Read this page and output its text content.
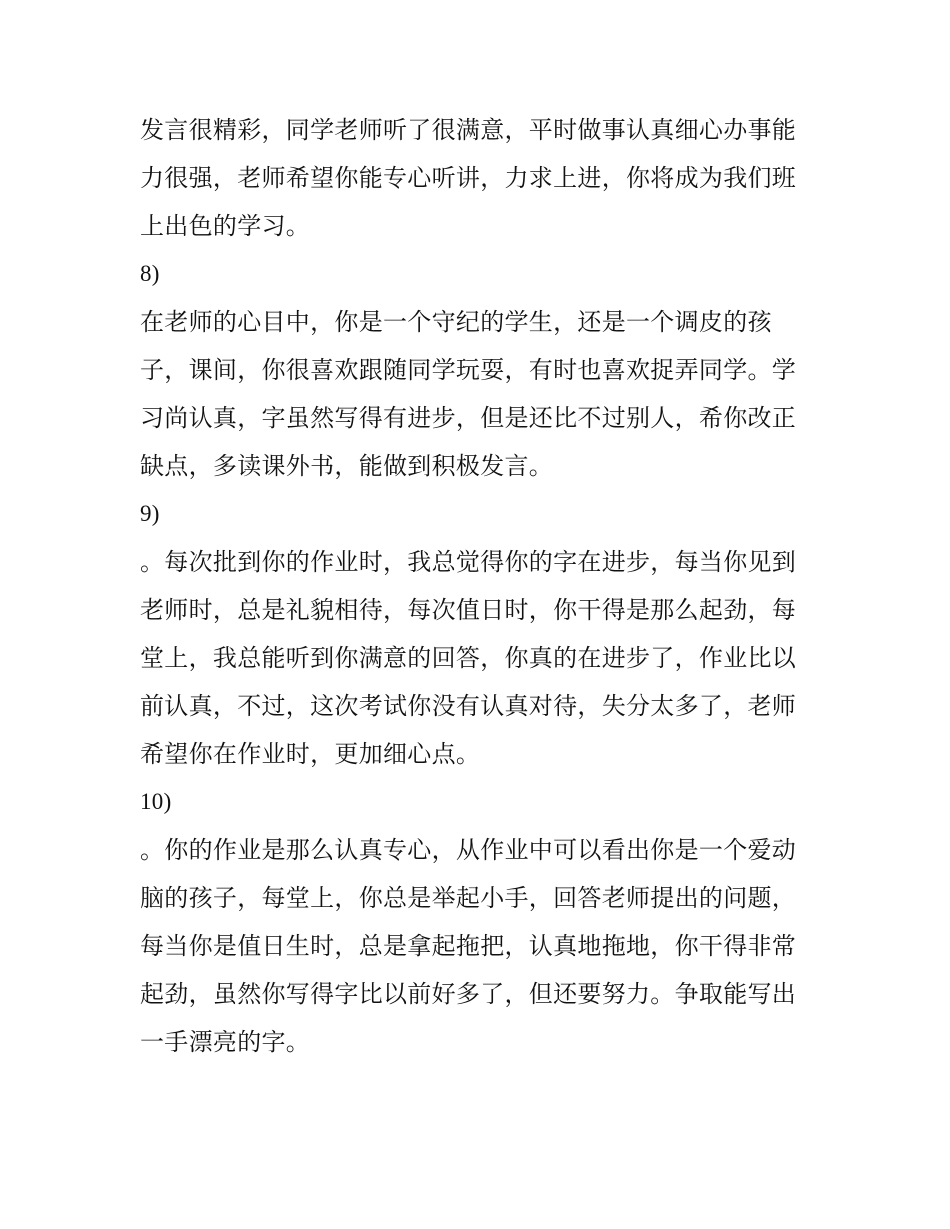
发言很精彩，同学老师听了很满意，平时做事认真细心办事能
力很强，老师希望你能专心听讲，力求上进，你将成为我们班
上出色的学习。

8)

在老师的心目中，你是一个守纪的学生，还是一个调皮的孩
子，课间，你很喜欢跟随同学玩耍，有时也喜欢捉弄同学。学
习尚认真，字虽然写得有进步，但是还比不过别人，希你改正
缺点，多读课外书，能做到积极发言。

9)

。每次批到你的作业时，我总觉得你的字在进步，每当你见到
老师时，总是礼貌相待，每次值日时，你干得是那么起劲，每
堂上，我总能听到你满意的回答，你真的在进步了，作业比以
前认真，不过，这次考试你没有认真对待，失分太多了，老师
希望你在作业时，更加细心点。

10)

。你的作业是那么认真专心，从作业中可以看出你是一个爱动
脑的孩子，每堂上，你总是举起小手，回答老师提出的问题，
每当你是值日生时，总是拿起拖把，认真地拖地，你干得非常
起劲，虽然你写得字比以前好多了，但还要努力。争取能写出
一手漂亮的字。
